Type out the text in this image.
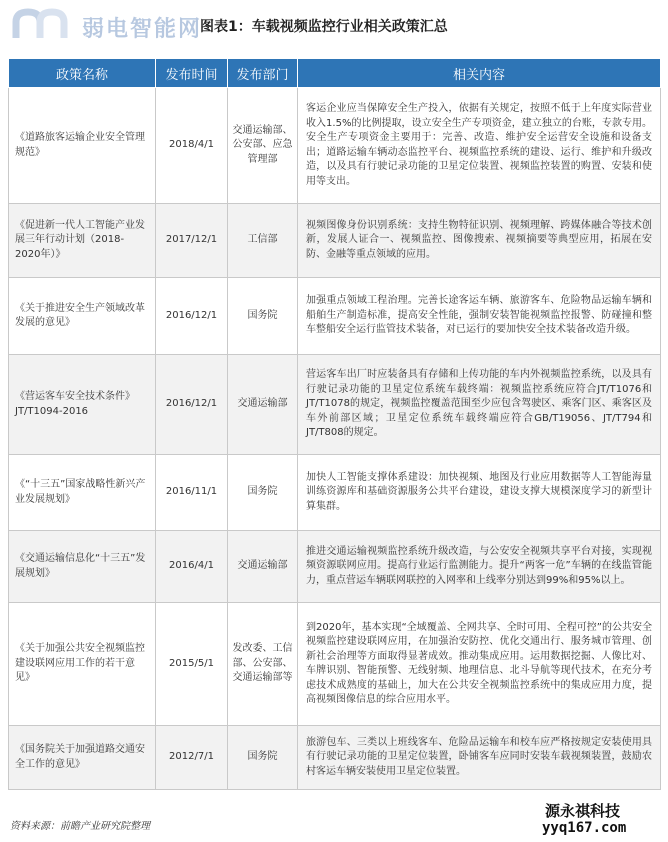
弱电智能网
图表1：车载视频监控行业相关政策汇总
政策名称	发布时间	发布部门	相关内容
《道路旅客运输企业安全管理规范》	2018/4/1	交通运输部、公安部、应急管理部	客运企业应当保障安全生产投入，依据有关规定，按照不低于上年度实际营业收入1.5%的比例提取，设立安全生产专项资金，建立独立的台账，专款专用。安全生产专项资金主要用于：完善、改造、维护安全运营安全设施和设备支出；道路运输车辆动态监控平台、视频监控系统的建设、运行、维护和升级改造，以及具有行驶记录功能的卫星定位装置、视频监控装置的购置、安装和使用等支出。
《促进新一代人工智能产业发展三年行动计划（2018-2020年）》	2017/12/1	工信部	视频图像身份识别系统：支持生物特征识别、视频理解、跨媒体融合等技术创新，发展人证合一、视频监控、图像搜索、视频摘要等典型应用，拓展在安防、金融等重点领域的应用。
《关于推进安全生产领域改革发展的意见》	2016/12/1	国务院	加强重点领域工程治理。完善长途客运车辆、旅游客车、危险物品运输车辆和船舶生产制造标准，提高安全性能，强制安装智能视频监控报警、防碰撞和整车整船安全运行监管技术装备，对已运行的要加快安全技术装备改造升级。
《营运客车安全技术条件》JT/T1094-2016	2016/12/1	交通运输部	营运客车出厂时应装备具有存储和上传功能的车内外视频监控系统，以及具有行驶记录功能的卫星定位系统车载终端：视频监控系统应符合JT/T1076和JT/T1078的规定，视频监控覆盖范围至少应包含驾驶区、乘客门区、乘客区及车外前部区域；卫星定位系统车载终端应符合GB/T19056、JT/T794和JT/T808的规定。
《“十三五”国家战略性新兴产业发展规划》	2016/11/1	国务院	加快人工智能支撑体系建设：加快视频、地图及行业应用数据等人工智能海量训练资源库和基础资源服务公共平台建设，建设支撑大规模深度学习的新型计算集群。
《交通运输信息化“十三五”发展规划》	2016/4/1	交通运输部	推进交通运输视频监控系统升级改造，与公安安全视频共享平台对接，实现视频资源联网应用。提高行业运行监测能力。提升“两客一危”车辆的在线监管能力，重点营运车辆联网联控的入网率和上线率分别达到99%和95%以上。
《关于加强公共安全视频监控建设联网应用工作的若干意见》	2015/5/1	发改委、工信部、公安部、交通运输部等	到2020年，基本实现“全域覆盖、全网共享、全时可用、全程可控”的公共安全视频监控建设联网应用，在加强治安防控、优化交通出行、服务城市管理、创新社会治理等方面取得显著成效。推动集成应用。运用数据挖掘、人像比对、车牌识别、智能预警、无线射频、地理信息、北斗导航等现代技术，在充分考虑技术成熟度的基础上，加大在公共安全视频监控系统中的集成应用力度，提高视频图像信息的综合应用水平。
《国务院关于加强道路交通安全工作的意见》	2012/7/1	国务院	旅游包车、三类以上班线客车、危险品运输车和校车应严格按规定安装使用具有行驶记录功能的卫星定位装置，卧铺客车应同时安装车载视频装置，鼓励农村客运车辆安装使用卫星定位装置。
资料来源：前瞻产业研究院整理
源永祺科技
yyq167.com
